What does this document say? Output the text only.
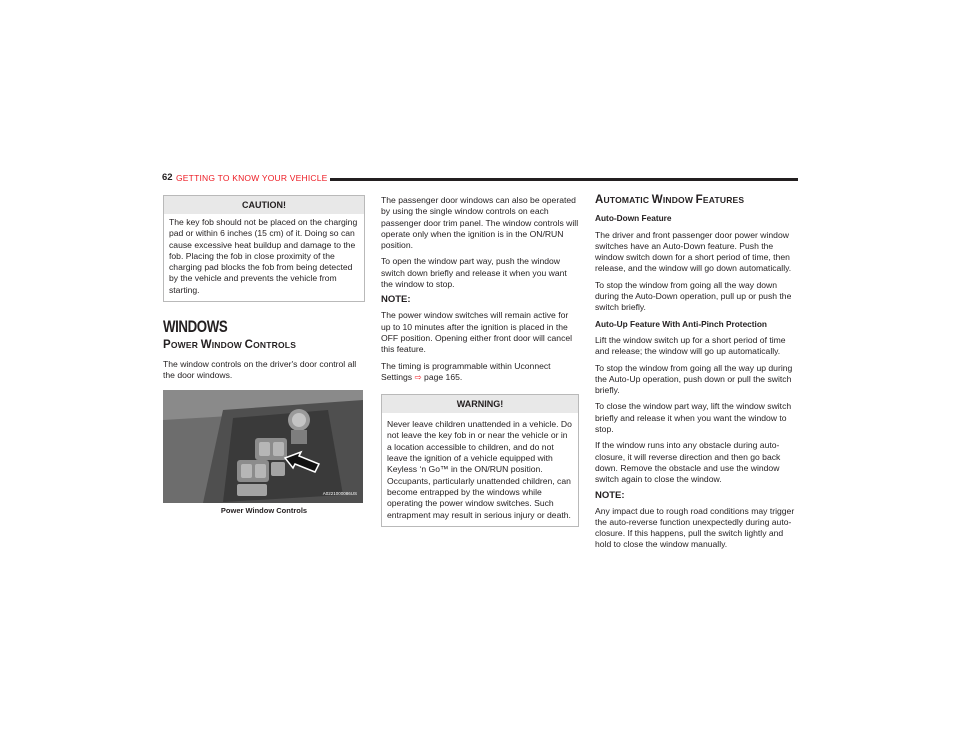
62 GETTING TO KNOW YOUR VEHICLE
CAUTION!
The key fob should not be placed on the charging pad or within 6 inches (15 cm) of it. Doing so can cause excessive heat buildup and damage to the fob. Placing the fob in close proximity of the charging pad blocks the fob from being detected by the vehicle and prevents the vehicle from starting.
WINDOWS
POWER WINDOW CONTROLS

The window controls on the driver's door control all the door windows.

A0221000086US
Power Window Controls

The passenger door windows can also be operated by using the single window controls on each passenger door trim panel. The window controls will operate only when the ignition is in the ON/RUN position.

To open the window part way, push the window switch down briefly and release it when you want the window to stop.

NOTE:

The power window switches will remain active for up to 10 minutes after the ignition is placed in the OFF position. Opening either front door will cancel this feature.

The timing is programmable within Uconnect Settings ⇨ page 165.

WARNING!
Never leave children unattended in a vehicle. Do not leave the key fob in or near the vehicle or in a location accessible to children, and do not leave the ignition of a vehicle equipped with Keyless ‘n Go™ in the ON/RUN position. Occupants, particularly unattended children, can become entrapped by the windows while operating the power window switches. Such entrapment may result in serious injury or death.
AUTOMATIC WINDOW FEATURES

Auto-Down Feature

The driver and front passenger door power window switches have an Auto-Down feature. Push the window switch down for a short period of time, then release, and the window will go down automatically.

To stop the window from going all the way down during the Auto-Down operation, pull up or push the switch briefly.

Auto-Up Feature With Anti-Pinch Protection

Lift the window switch up for a short period of time and release; the window will go up automatically.

To stop the window from going all the way up during the Auto-Up operation, push down or pull the switch briefly.

To close the window part way, lift the window switch briefly and release it when you want the window to stop.

If the window runs into any obstacle during auto-closure, it will reverse direction and then go back down. Remove the obstacle and use the window switch again to close the window.

NOTE:

Any impact due to rough road conditions may trigger the auto-reverse function unexpectedly during auto-closure. If this happens, pull the switch lightly and hold to close the window manually.
